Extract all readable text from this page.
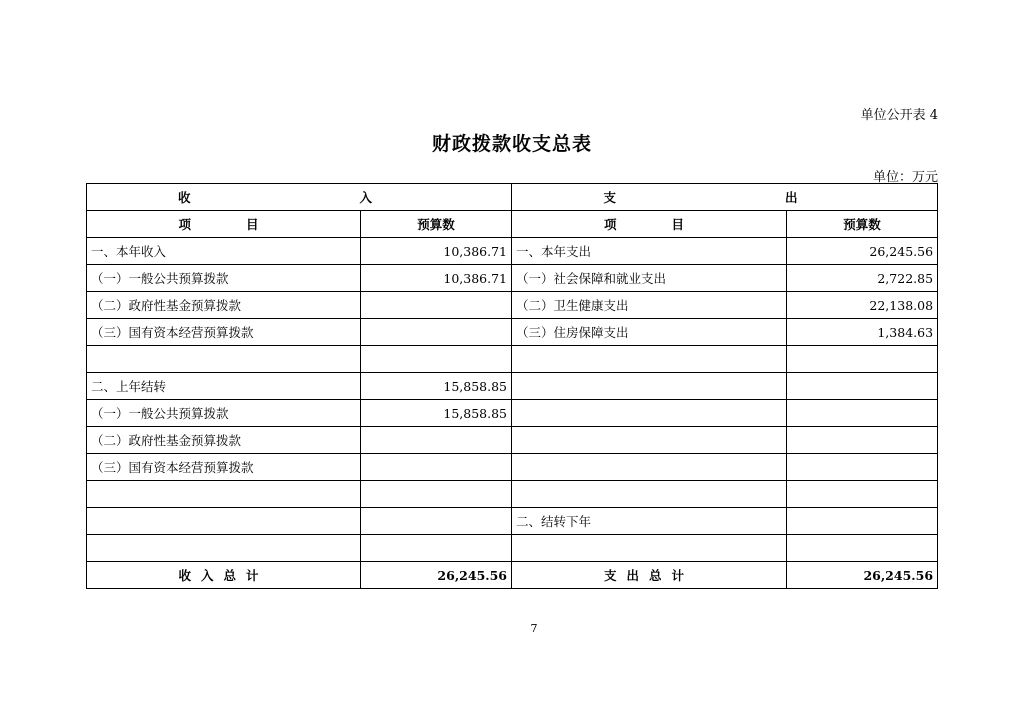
单位公开表 4
财政拨款收支总表
单位：万元
收　　入		支　　出	
项　　目	预算数	项　　目	预算数
一、本年收入	10,386.71	一、本年支出	26,245.56
（一）一般公共预算拨款	10,386.71	（一）社会保障和就业支出	2,722.85
（二）政府性基金预算拨款		（二）卫生健康支出	22,138.08
（三）国有资本经营预算拨款		（三）住房保障支出	1,384.63

二、上年结转	15,858.85		
（一）一般公共预算拨款	15,858.85		
（二）政府性基金预算拨款			
（三）国有资本经营预算拨款			

		二、结转下年	

收入总计	26,245.56	支出总计	26,245.56
7
